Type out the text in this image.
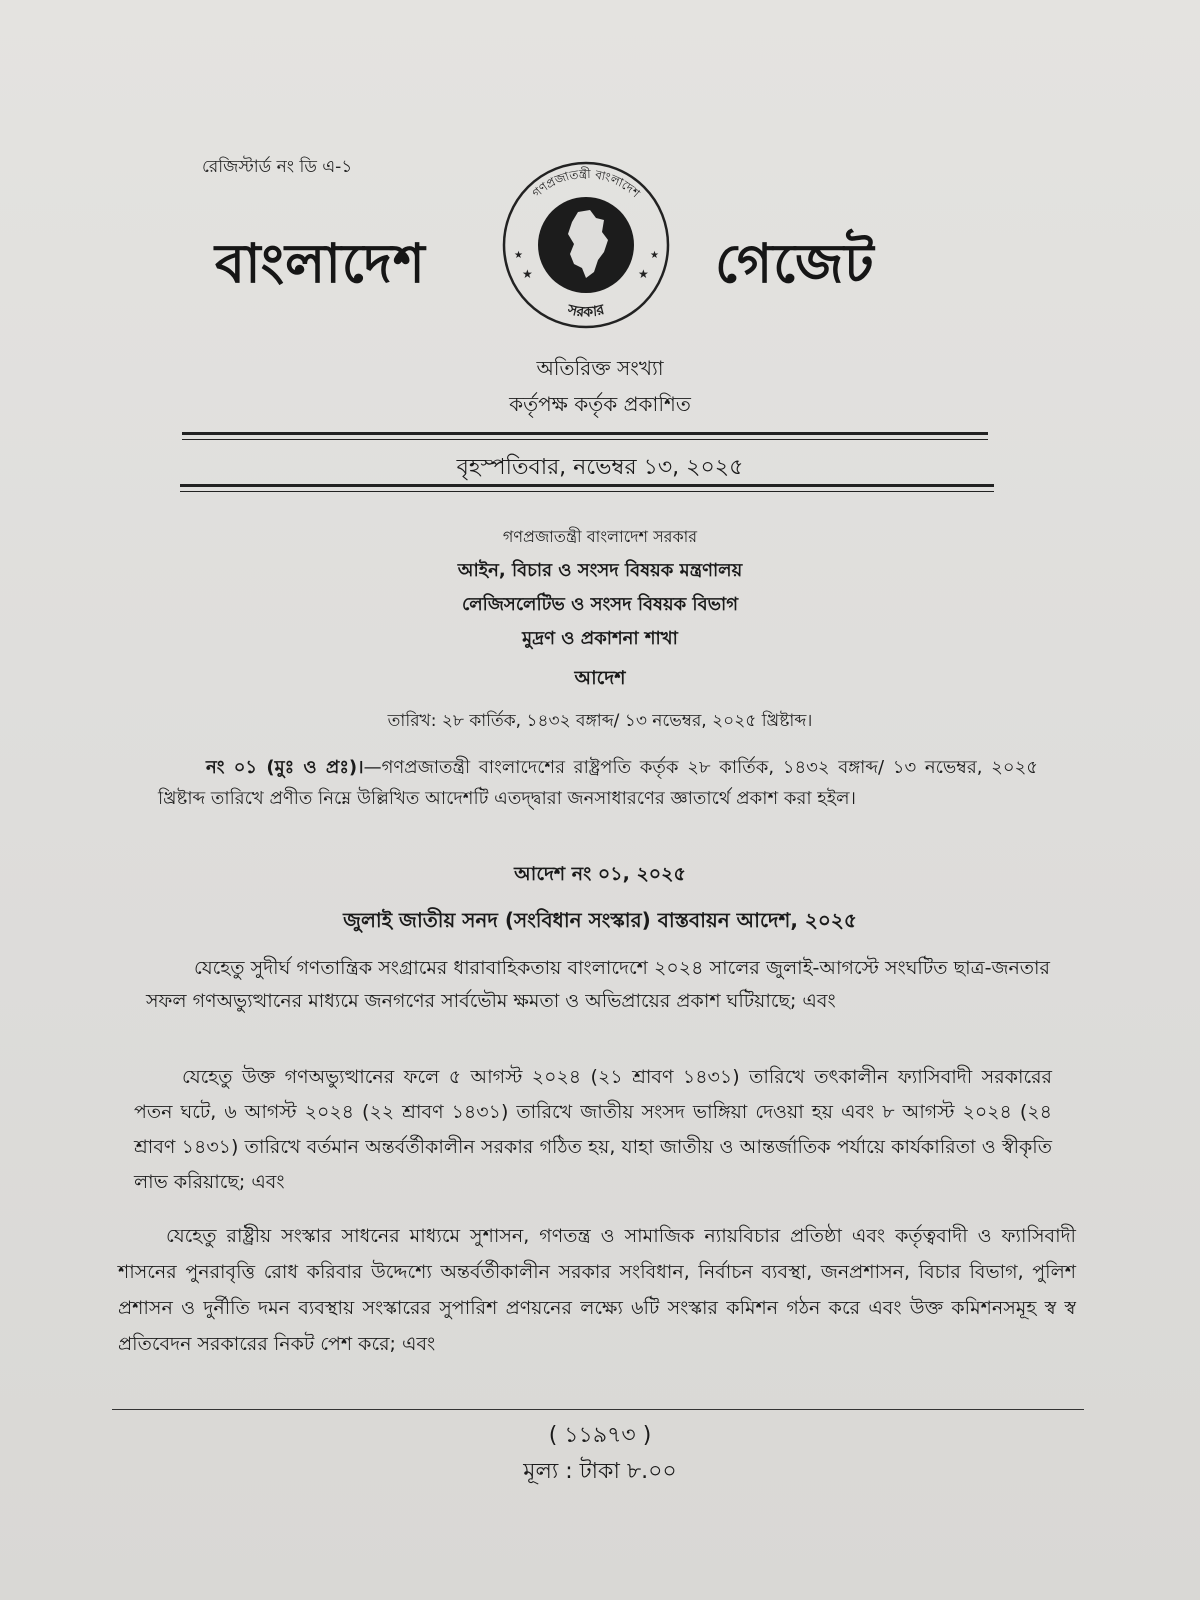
রেজিস্টার্ড নং ডি এ-১
বাংলাদেশ
গণপ্রজাতন্ত্রী বাংলাদেশ
সরকার
★	★
★	★ গেজেট
অতিরিক্ত সংখ্যা
কর্তৃপক্ষ কর্তৃক প্রকাশিত
বৃহস্পতিবার, নভেম্বর ১৩, ২০২৫
গণপ্রজাতন্ত্রী বাংলাদেশ সরকার
আইন, বিচার ও সংসদ বিষয়ক মন্ত্রণালয়
লেজিসলেটিভ ও সংসদ বিষয়ক বিভাগ
মুদ্রণ ও প্রকাশনা শাখা
আদেশ
তারিখ: ২৮ কার্তিক, ১৪৩২ বঙ্গাব্দ/ ১৩ নভেম্বর, ২০২৫ খ্রিষ্টাব্দ।
নং ০১ (মুঃ ও প্রঃ)।—গণপ্রজাতন্ত্রী বাংলাদেশের রাষ্ট্রপতি কর্তৃক ২৮ কার্তিক, ১৪৩২ বঙ্গাব্দ/ ১৩ নভেম্বর, ২০২৫ খ্রিষ্টাব্দ তারিখে প্রণীত নিম্নে উল্লিখিত আদেশটি এতদ্দ্বারা জনসাধারণের জ্ঞাতার্থে প্রকাশ করা হইল।
আদেশ নং ০১, ২০২৫
জুলাই জাতীয় সনদ (সংবিধান সংস্কার) বাস্তবায়ন আদেশ, ২০২৫
যেহেতু সুদীর্ঘ গণতান্ত্রিক সংগ্রামের ধারাবাহিকতায় বাংলাদেশে ২০২৪ সালের জুলাই-আগস্টে সংঘটিত ছাত্র-জনতার সফল গণঅভ্যুত্থানের মাধ্যমে জনগণের সার্বভৌম ক্ষমতা ও অভিপ্রায়ের প্রকাশ ঘটিয়াছে; এবং
যেহেতু উক্ত গণঅভ্যুত্থানের ফলে ৫ আগস্ট ২০২৪ (২১ শ্রাবণ ১৪৩১) তারিখে তৎকালীন ফ্যাসিবাদী সরকারের পতন ঘটে, ৬ আগস্ট ২০২৪ (২২ শ্রাবণ ১৪৩১) তারিখে জাতীয় সংসদ ভাঙ্গিয়া দেওয়া হয় এবং ৮ আগস্ট ২০২৪ (২৪ শ্রাবণ ১৪৩১) তারিখে বর্তমান অন্তর্বর্তীকালীন সরকার গঠিত হয়, যাহা জাতীয় ও আন্তর্জাতিক পর্যায়ে কার্যকারিতা ও স্বীকৃতি লাভ করিয়াছে; এবং
যেহেতু রাষ্ট্রীয় সংস্কার সাধনের মাধ্যমে সুশাসন, গণতন্ত্র ও সামাজিক ন্যায়বিচার প্রতিষ্ঠা এবং কর্তৃত্ববাদী ও ফ্যাসিবাদী শাসনের পুনরাবৃত্তি রোধ করিবার উদ্দেশ্যে অন্তর্বর্তীকালীন সরকার সংবিধান, নির্বাচন ব্যবস্থা, জনপ্রশাসন, বিচার বিভাগ, পুলিশ প্রশাসন ও দুর্নীতি দমন ব্যবস্থায় সংস্কারের সুপারিশ প্রণয়নের লক্ষ্যে ৬টি সংস্কার কমিশন গঠন করে এবং উক্ত কমিশনসমূহ স্ব স্ব প্রতিবেদন সরকারের নিকট পেশ করে; এবং
( ১১৯৭৩ )
মূল্য : টাকা ৮.০০
